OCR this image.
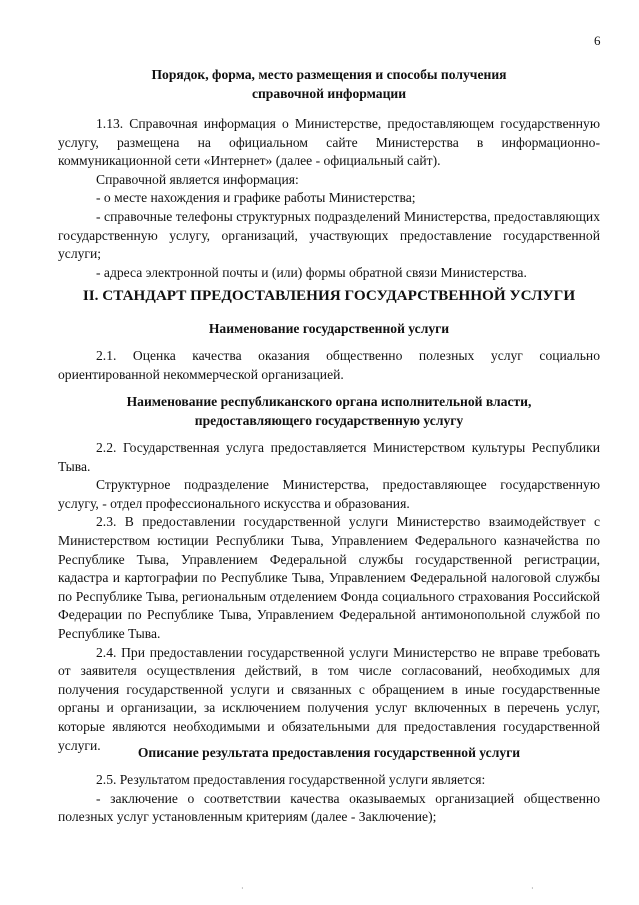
6
Порядок, форма, место размещения и способы получения
справочной информации

1.13. Справочная информация о Министерстве, предоставляющем государственную услугу, размещена на официальном сайте Министерства в информационно-коммуникационной сети «Интернет» (далее - официальный сайт).

Справочной является информация:

- о месте нахождения и графике работы Министерства;

- справочные телефоны структурных подразделений Министерства, предоставляющих государственную услугу, организаций, участвующих предоставление государственной услуги;

- адреса электронной почты и (или) формы обратной связи Министерства.

II. СТАНДАРТ ПРЕДОСТАВЛЕНИЯ ГОСУДАРСТВЕННОЙ УСЛУГИ
Наименование государственной услуги

2.1. Оценка качества оказания общественно полезных услуг социально ориентированной некоммерческой организацией.

Наименование республиканского органа исполнительной власти,
предоставляющего государственную услугу

2.2. Государственная услуга предоставляется Министерством культуры Республики Тыва.

Структурное подразделение Министерства, предоставляющее государственную услугу, - отдел профессионального искусства и образования.

2.3. В предоставлении государственной услуги Министерство взаимодействует с Министерством юстиции Республики Тыва, Управлением Федерального казначейства по Республике Тыва, Управлением Федеральной службы государственной регистрации, кадастра и картографии по Республике Тыва, Управлением Федеральной налоговой службы по Республике Тыва, региональным отделением Фонда социального страхования Российской Федерации по Республике Тыва, Управлением Федеральной антимонопольной службой по Республике Тыва.

2.4. При предоставлении государственной услуги Министерство не вправе требовать от заявителя осуществления действий, в том числе согласований, необходимых для получения государственной услуги и связанных с обращением в иные государственные органы и организации, за исключением получения услуг включенных в перечень услуг, которые являются необходимыми и обязательными для предоставления государственной услуги.	Описание результата предоставления государственной услуги

2.5. Результатом предоставления государственной услуги является:

- заключение о соответствии качества оказываемых организацией общественно полезных услуг установленным критериям (далее - Заключение);

·	·
